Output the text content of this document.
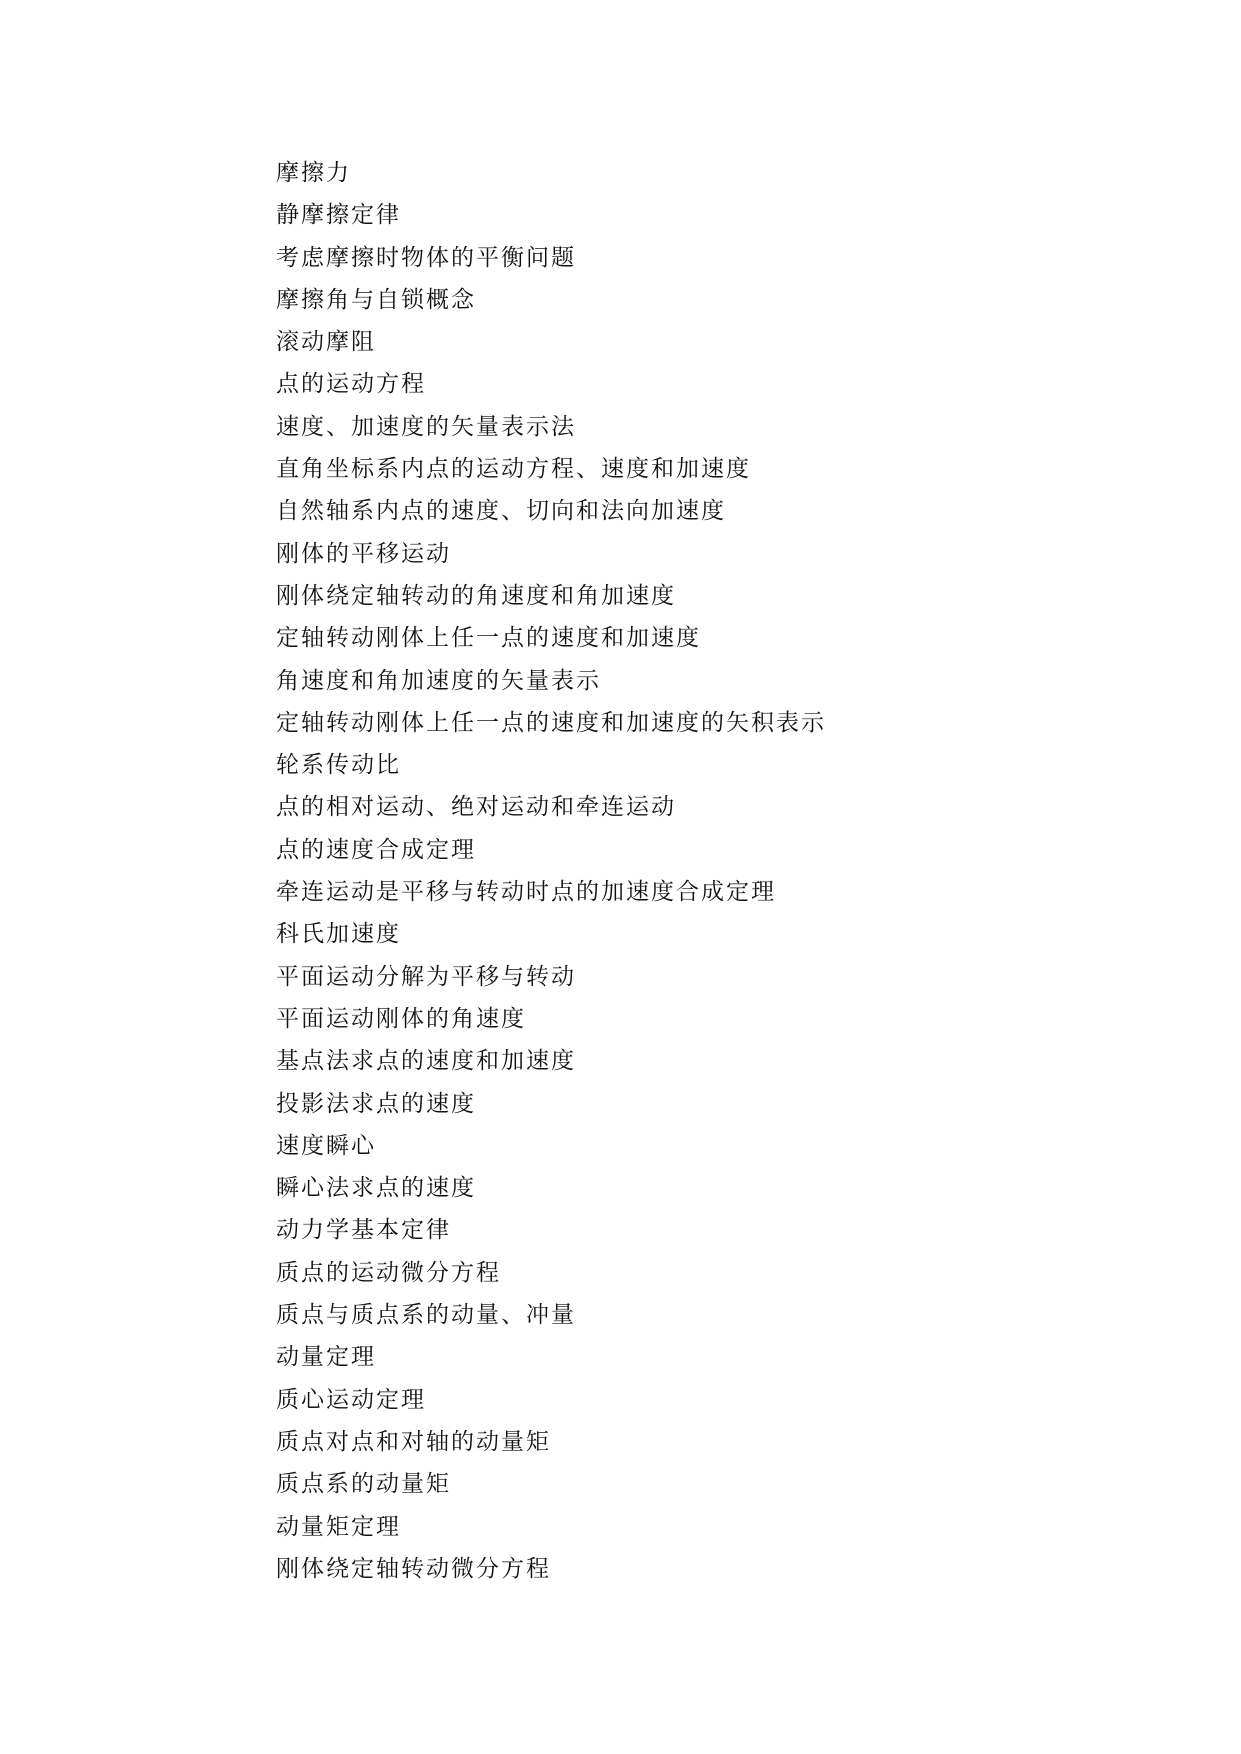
摩擦力
静摩擦定律
考虑摩擦时物体的平衡问题
摩擦角与自锁概念
滚动摩阻
点的运动方程
速度、加速度的矢量表示法
直角坐标系内点的运动方程、速度和加速度
自然轴系内点的速度、切向和法向加速度
刚体的平移运动
刚体绕定轴转动的角速度和角加速度
定轴转动刚体上任一点的速度和加速度
角速度和角加速度的矢量表示
定轴转动刚体上任一点的速度和加速度的矢积表示
轮系传动比
点的相对运动、绝对运动和牵连运动
点的速度合成定理
牵连运动是平移与转动时点的加速度合成定理
科氏加速度
平面运动分解为平移与转动
平面运动刚体的角速度
基点法求点的速度和加速度
投影法求点的速度
速度瞬心
瞬心法求点的速度
动力学基本定律
质点的运动微分方程
质点与质点系的动量、冲量
动量定理
质心运动定理
质点对点和对轴的动量矩
质点系的动量矩
动量矩定理
刚体绕定轴转动微分方程
